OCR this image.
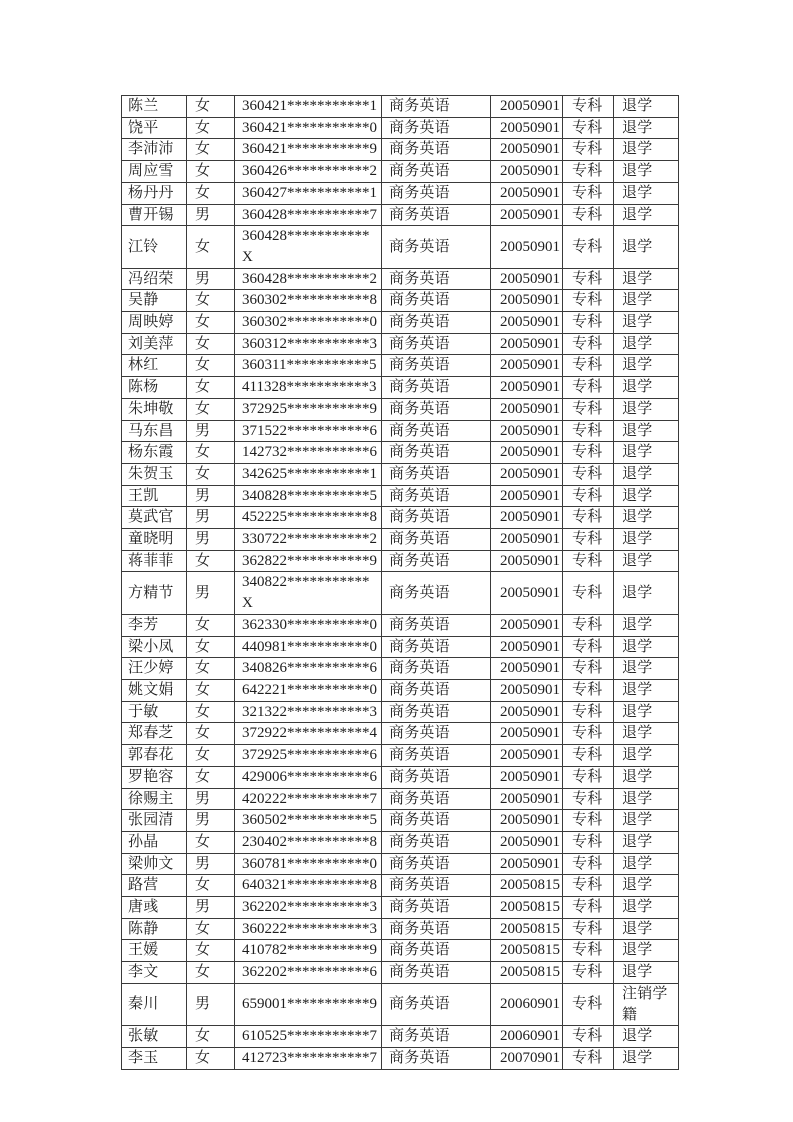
陈兰	女	360421***********1	商务英语	20050901	专科	退学
饶平	女	360421***********0	商务英语	20050901	专科	退学
李沛沛	女	360421***********9	商务英语	20050901	专科	退学
周应雪	女	360426***********2	商务英语	20050901	专科	退学
杨丹丹	女	360427***********1	商务英语	20050901	专科	退学
曹开锡	男	360428***********7	商务英语	20050901	专科	退学
江铃	女	360428***********X	商务英语	20050901	专科	退学
冯绍荣	男	360428***********2	商务英语	20050901	专科	退学
吴静	女	360302***********8	商务英语	20050901	专科	退学
周映婷	女	360302***********0	商务英语	20050901	专科	退学
刘美萍	女	360312***********3	商务英语	20050901	专科	退学
林红	女	360311***********5	商务英语	20050901	专科	退学
陈杨	女	411328***********3	商务英语	20050901	专科	退学
朱坤敬	女	372925***********9	商务英语	20050901	专科	退学
马东昌	男	371522***********6	商务英语	20050901	专科	退学
杨东霞	女	142732***********6	商务英语	20050901	专科	退学
朱贺玉	女	342625***********1	商务英语	20050901	专科	退学
王凯	男	340828***********5	商务英语	20050901	专科	退学
莫武官	男	452225***********8	商务英语	20050901	专科	退学
童晓明	男	330722***********2	商务英语	20050901	专科	退学
蒋菲菲	女	362822***********9	商务英语	20050901	专科	退学
方精节	男	340822***********X	商务英语	20050901	专科	退学
李芳	女	362330***********0	商务英语	20050901	专科	退学
梁小凤	女	440981***********0	商务英语	20050901	专科	退学
汪少婷	女	340826***********6	商务英语	20050901	专科	退学
姚文娟	女	642221***********0	商务英语	20050901	专科	退学
于敏	女	321322***********3	商务英语	20050901	专科	退学
郑春芝	女	372922***********4	商务英语	20050901	专科	退学
郭春花	女	372925***********6	商务英语	20050901	专科	退学
罗艳容	女	429006***********6	商务英语	20050901	专科	退学
徐赐主	男	420222***********7	商务英语	20050901	专科	退学
张园清	男	360502***********5	商务英语	20050901	专科	退学
孙晶	女	230402***********8	商务英语	20050901	专科	退学
梁帅文	男	360781***********0	商务英语	20050901	专科	退学
路营	女	640321***********8	商务英语	20050815	专科	退学
唐彧	男	362202***********3	商务英语	20050815	专科	退学
陈静	女	360222***********3	商务英语	20050815	专科	退学
王媛	女	410782***********9	商务英语	20050815	专科	退学
李文	女	362202***********6	商务英语	20050815	专科	退学
秦川	男	659001***********9	商务英语	20060901	专科	注销学籍
张敏	女	610525***********7	商务英语	20060901	专科	退学
李玉	女	412723***********7	商务英语	20070901	专科	退学
